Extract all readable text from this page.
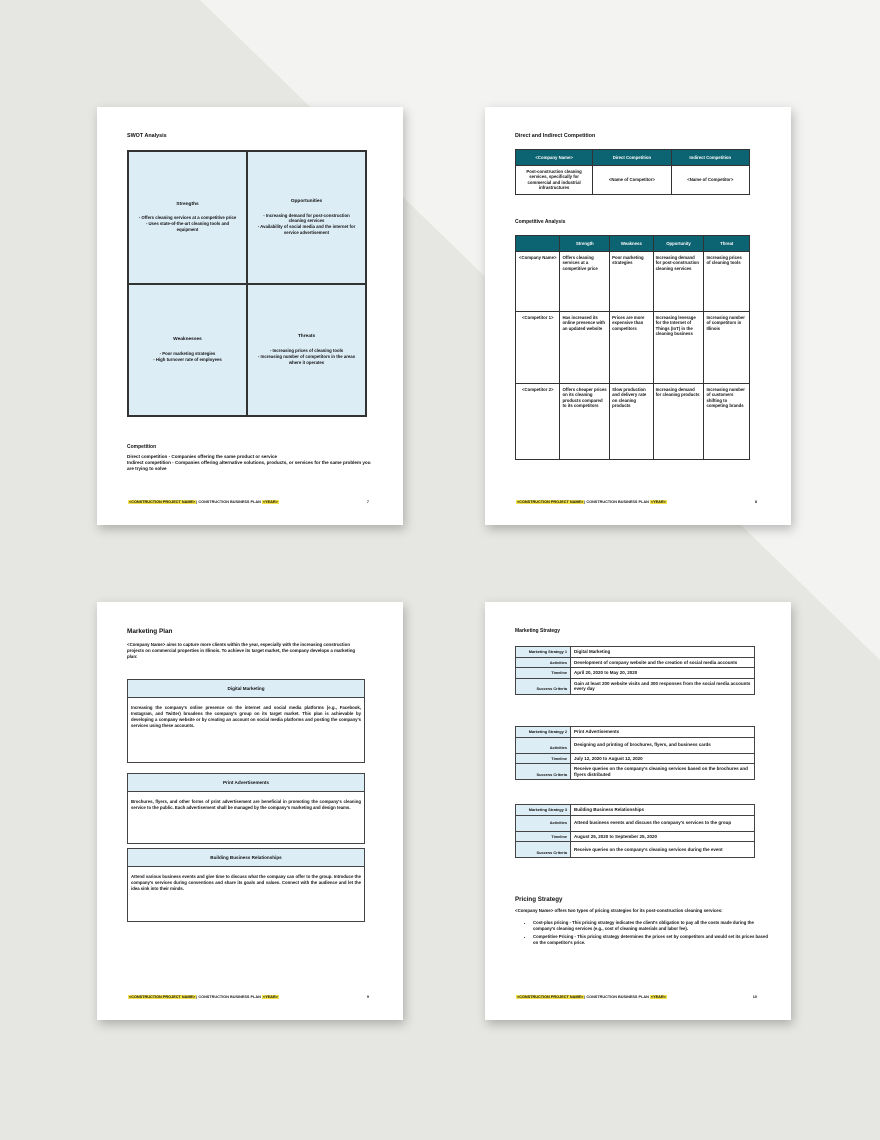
SWOT Analysis
Strengths
- Offers cleaning services at a competitive price
- Uses state-of-the-art cleaning tools and equipment
Opportunities
- Increasing demand for post-construction cleaning services
- Availability of social media and the internet for service advertisement
Weaknesses
- Poor marketing strategies
- High turnover rate of employees
Threats
- Increasing prices of cleaning tools
- Increasing number of competitors in the areas where it operates
Competition
Direct competition - Companies offering the same product or service
Indirect competition - Companies offering alternative solutions, products, or services for the same problem you are trying to solve
<CONSTRUCTION PROJECT NAME>| CONSTRUCTION BUSINESS PLAN <YEAR>	7
Direct and Indirect Competition
<Company Name>	Direct Competition	Indirect Competition
Post-construction cleaning services, specifically for commercial and industrial infrastructures	<Name of Competitor>	<Name of Competitor>
Competitive Analysis
	Strength	Weakness	Opportunity	Threat
<Company Name>	Offers cleaning services at a competitive price	Poor marketing strategies	Increasing demand for post-construction cleaning services	Increasing prices of cleaning tools
<Competitor 1>	Has increased its online presence with an updated website	Prices are more expensive than competitors	Increasing leverage for the Internet of Things (IoT) in the cleaning business	Increasing number of competitors in Illinois
<Competitor 2>	Offers cheaper prices on its cleaning products compared to its competitors	Slow production and delivery rate on cleaning products	Increasing demand for cleaning products	Increasing number of customers shifting to competing brands
<CONSTRUCTION PROJECT NAME>| CONSTRUCTION BUSINESS PLAN <YEAR>	8
Marketing Plan
<Company Name> aims to capture more clients within the year, especially with the increasing construction projects on commercial properties in Illinois. To achieve its target market, the company develops a marketing plan:
Digital Marketing
Increasing the company's online presence on the internet and social media platforms (e.g., Facebook, Instagram, and Twitter) broadens the company's group on its target market. This plan is achievable by developing a company website or by creating an account on social media platforms and posting the company's services using these accounts.
Print Advertisements
Brochures, flyers, and other forms of print advertisement are beneficial in promoting the company's cleaning service to the public. Each advertisement shall be managed by the company's marketing and design teams.
Building Business Relationships
Attend various business events and give time to discuss what the company can offer to the group. Introduce the company's services during conventions and share its goals and values. Connect with the audience and let the idea sink into their minds.
<CONSTRUCTION PROJECT NAME>| CONSTRUCTION BUSINESS PLAN <YEAR>	9
Marketing Strategy
Marketing Strategy 1	Digital Marketing
Activities	Development of company website and the creation of social media accounts
Timeline	April 20, 2020 to May 20, 2020
Success Criteria	Gain at least 200 website visits and 300 responses from the social media accounts every day
Marketing Strategy 2	Print Advertisements
Activities	Designing and printing of brochures, flyers, and business cards
Timeline	July 12, 2020 to August 12, 2020
Success Criteria	Receive queries on the company's cleaning services based on the brochures and flyers distributed
Marketing Strategy 3	Building Business Relationships
Activities	Attend business events and discuss the company's services to the group
Timeline	August 25, 2020 to September 25, 2020
Success Criteria	Receive queries on the company's cleaning services during the event
Pricing Strategy
<Company Name> offers two types of pricing strategies for its post-construction cleaning services:
• Cost-plus pricing - This pricing strategy indicates the client's obligation to pay all the costs made during the company's cleaning services (e.g., cost of cleaning materials and labor fee).
• Competitive Pricing - This pricing strategy determines the prices set by competitors and would set its prices based on the competitor's price.
<CONSTRUCTION PROJECT NAME>| CONSTRUCTION BUSINESS PLAN <YEAR>	10
